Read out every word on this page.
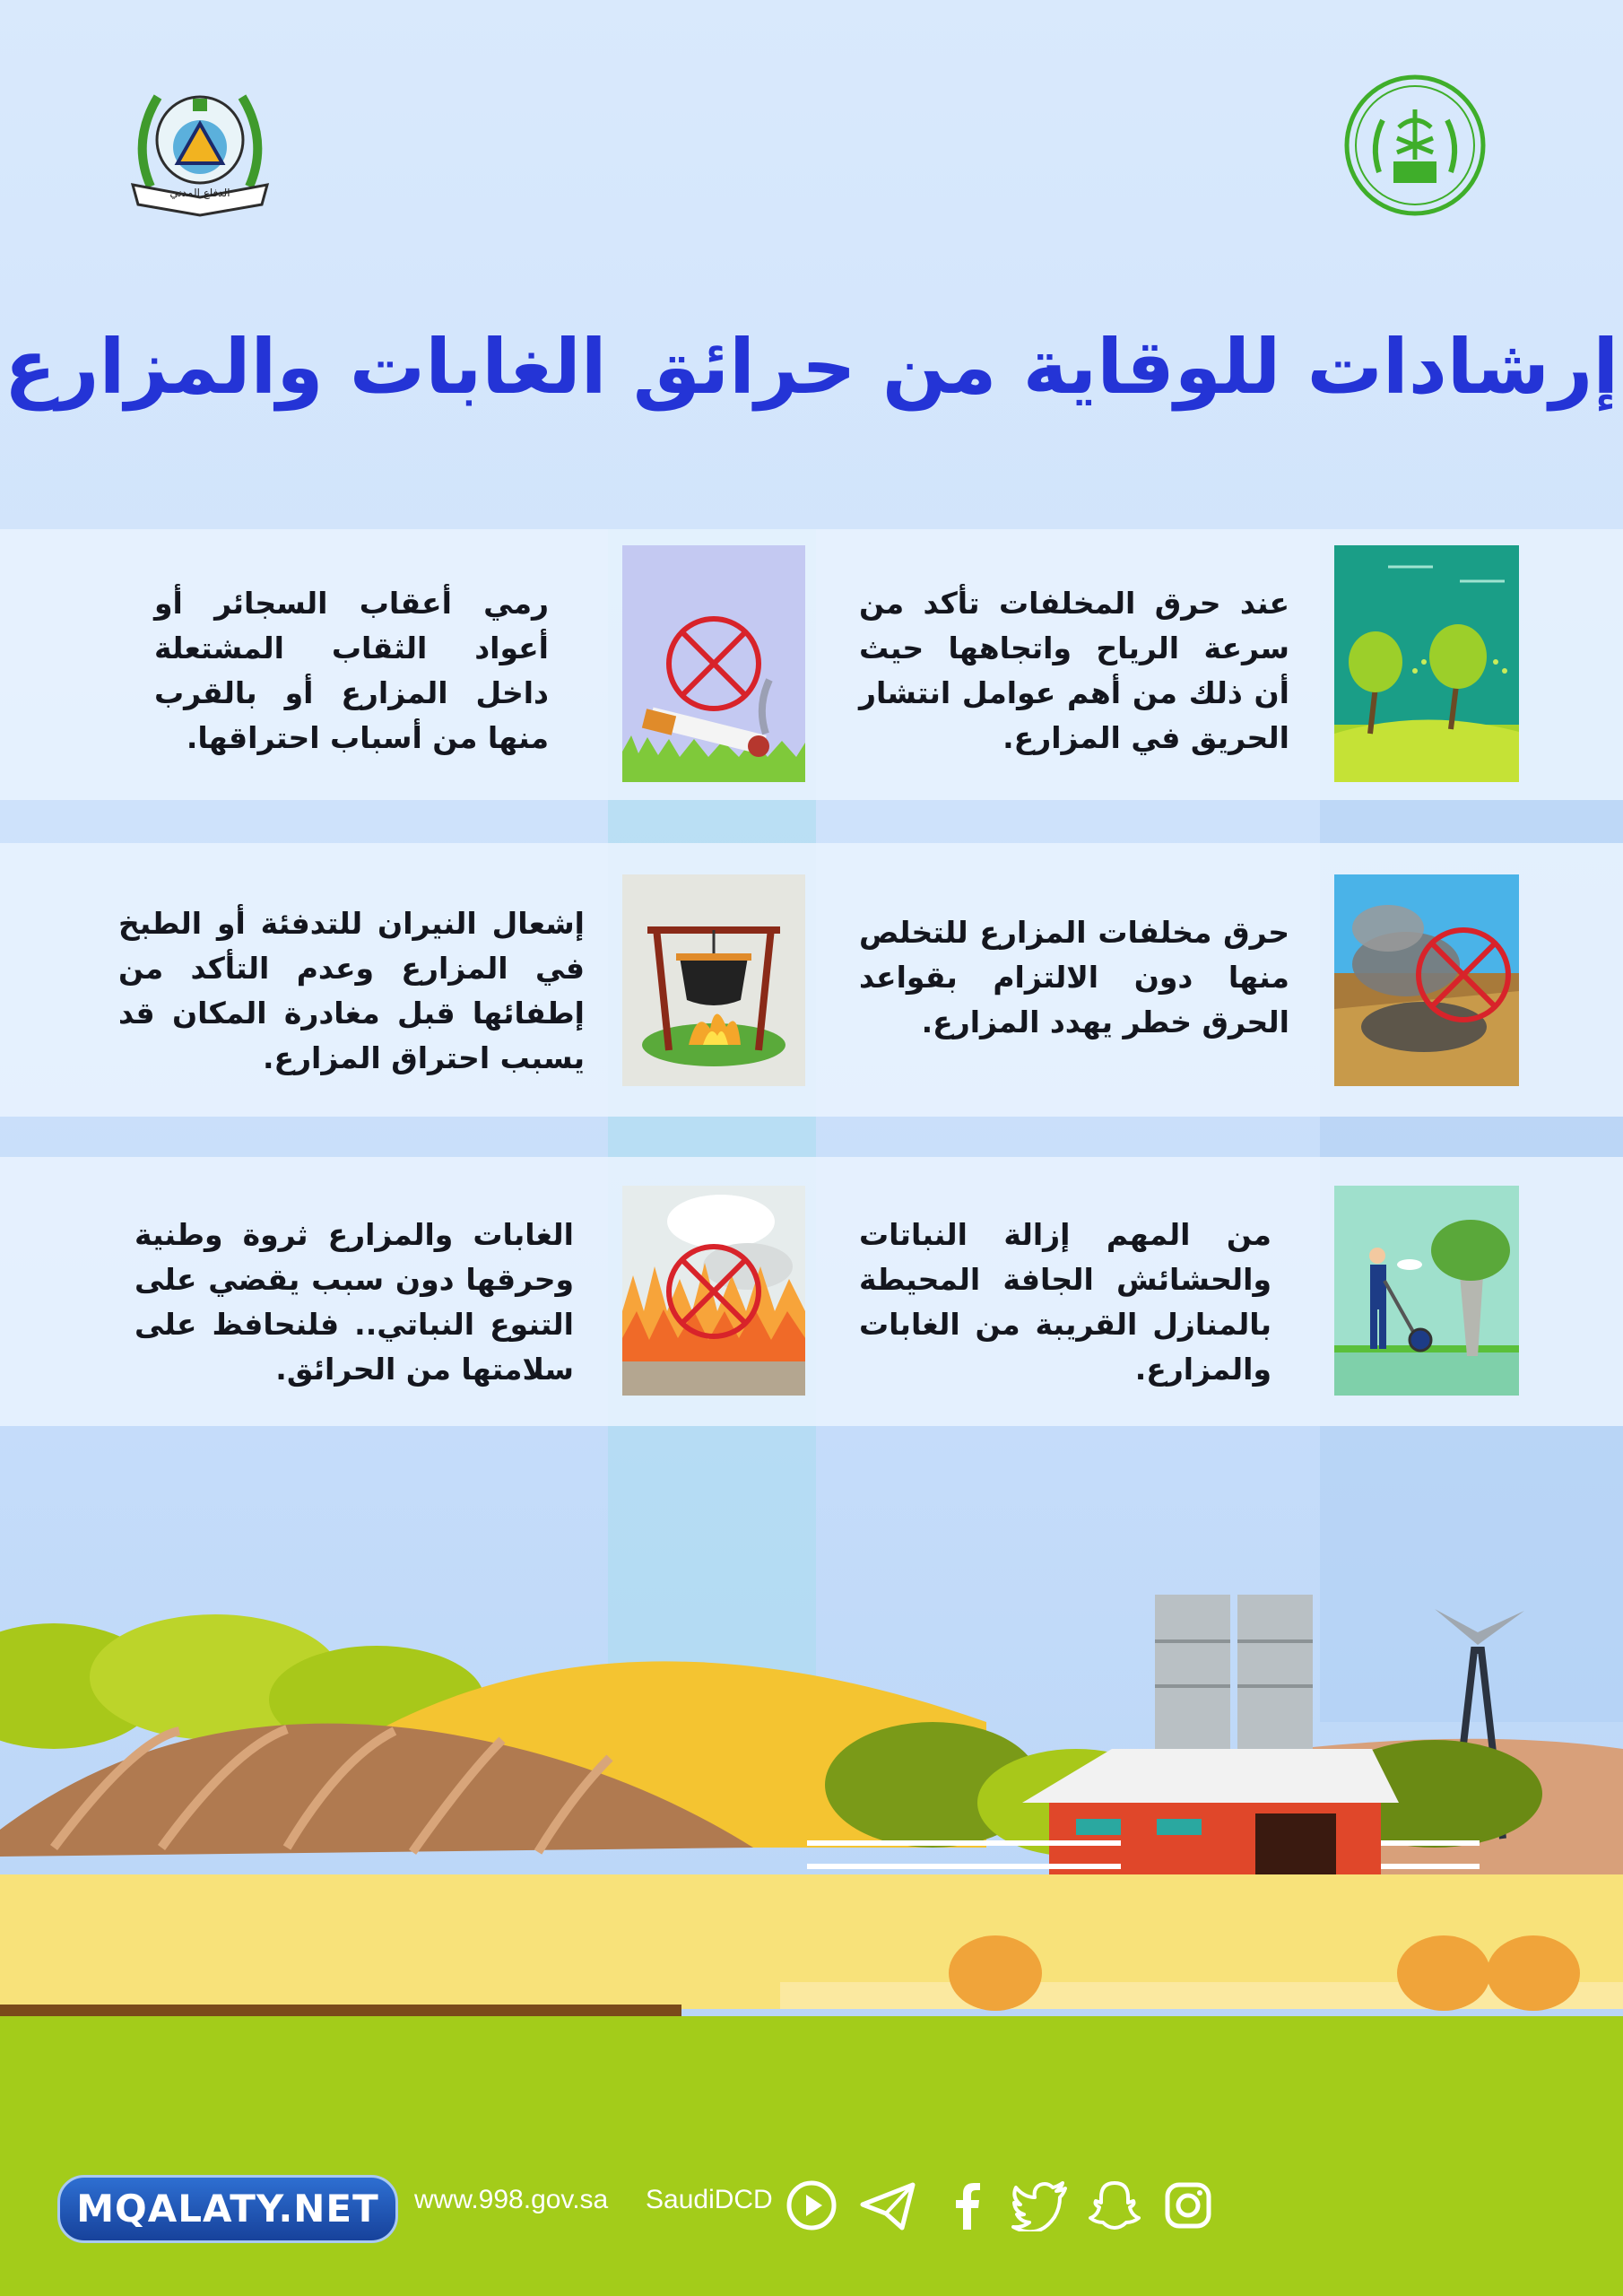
الدفاع المدني
إرشادات للوقاية من حرائق الغابات والمزارع
عند حرق المخلفات تأكد من سرعة الرياح واتجاهها حيث أن ذلك من أهم عوامل انتشار الحريق في المزارع.
رمي أعقاب السجائر أو أعواد الثقاب المشتعلة داخل المزارع أو بالقرب منها من أسباب احتراقها.
حرق مخلفات المزارع للتخلص منها دون الالتزام بقواعد الحرق خطر يهدد المزارع.
إشعال النيران للتدفئة أو الطبخ في المزارع وعدم التأكد من إطفائها قبل مغادرة المكان قد يسبب احتراق المزارع.
من المهم إزالة النباتات والحشائش الجافة المحيطة بالمنازل القريبة من الغابات والمزارع.
الغابات والمزارع ثروة وطنية وحرقها دون سبب يقضي على التنوع النباتي.. فلنحافظ على سلامتها من الحرائق.
MQALATY.NET	www.998.gov.sa SaudiDCD
